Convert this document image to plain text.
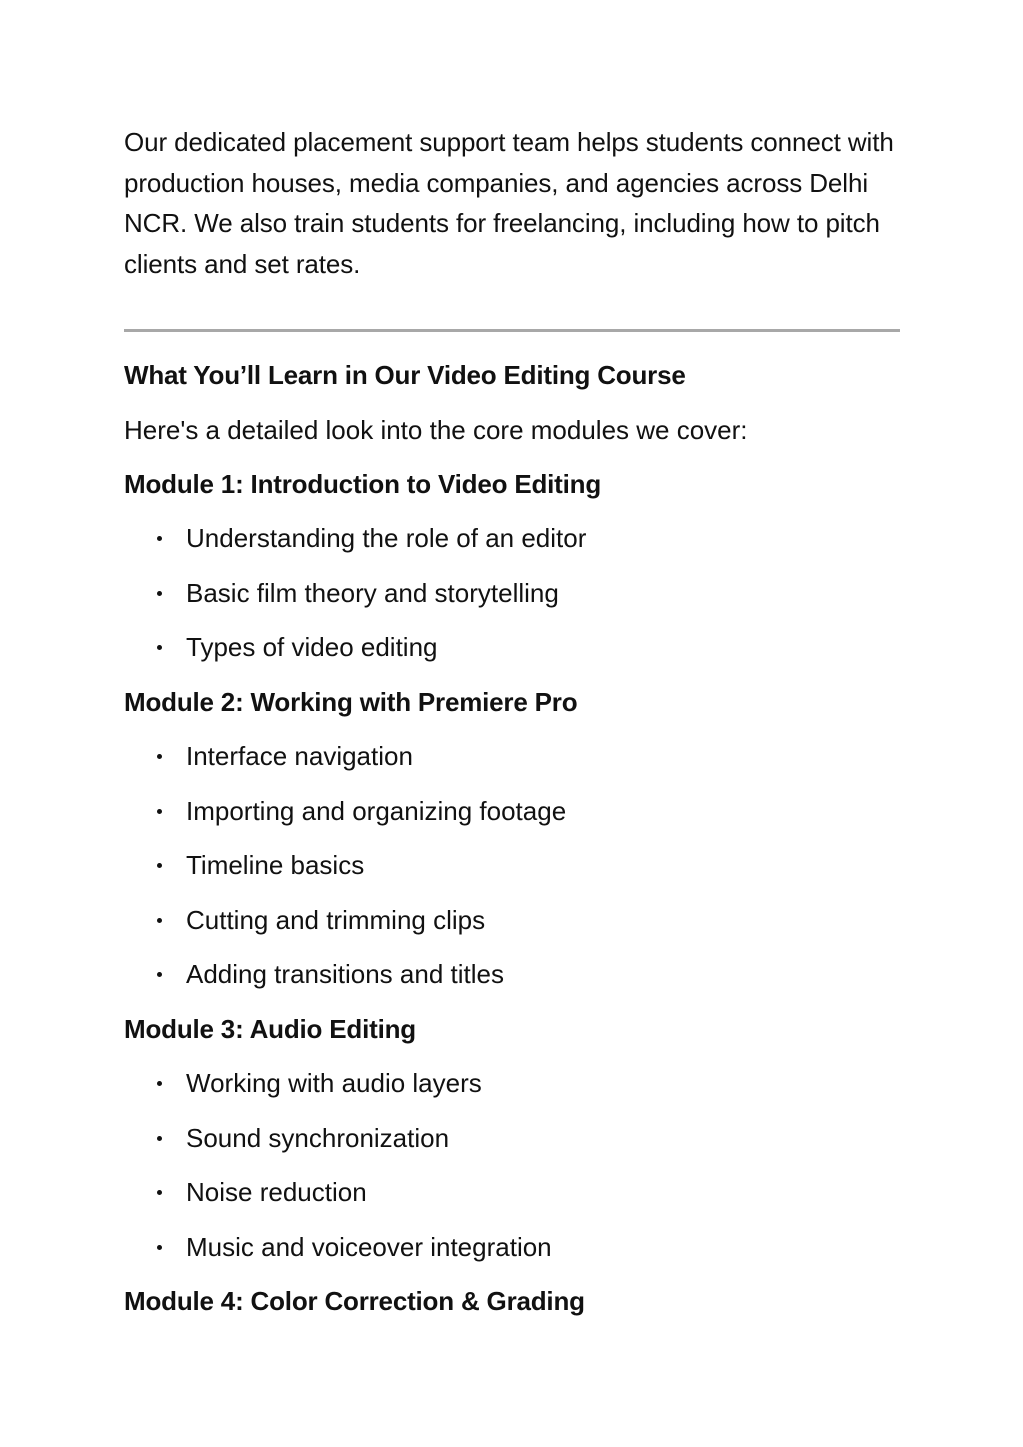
Our dedicated placement support team helps students connect with production houses, media companies, and agencies across Delhi NCR. We also train students for freelancing, including how to pitch clients and set rates.

What You’ll Learn in Our Video Editing Course
Here's a detailed look into the core modules we cover:
Module 1: Introduction to Video Editing
Understanding the role of an editor
Basic film theory and storytelling
Types of video editing
Module 2: Working with Premiere Pro
Interface navigation
Importing and organizing footage
Timeline basics
Cutting and trimming clips
Adding transitions and titles
Module 3: Audio Editing
Working with audio layers
Sound synchronization
Noise reduction
Music and voiceover integration
Module 4: Color Correction & Grading
